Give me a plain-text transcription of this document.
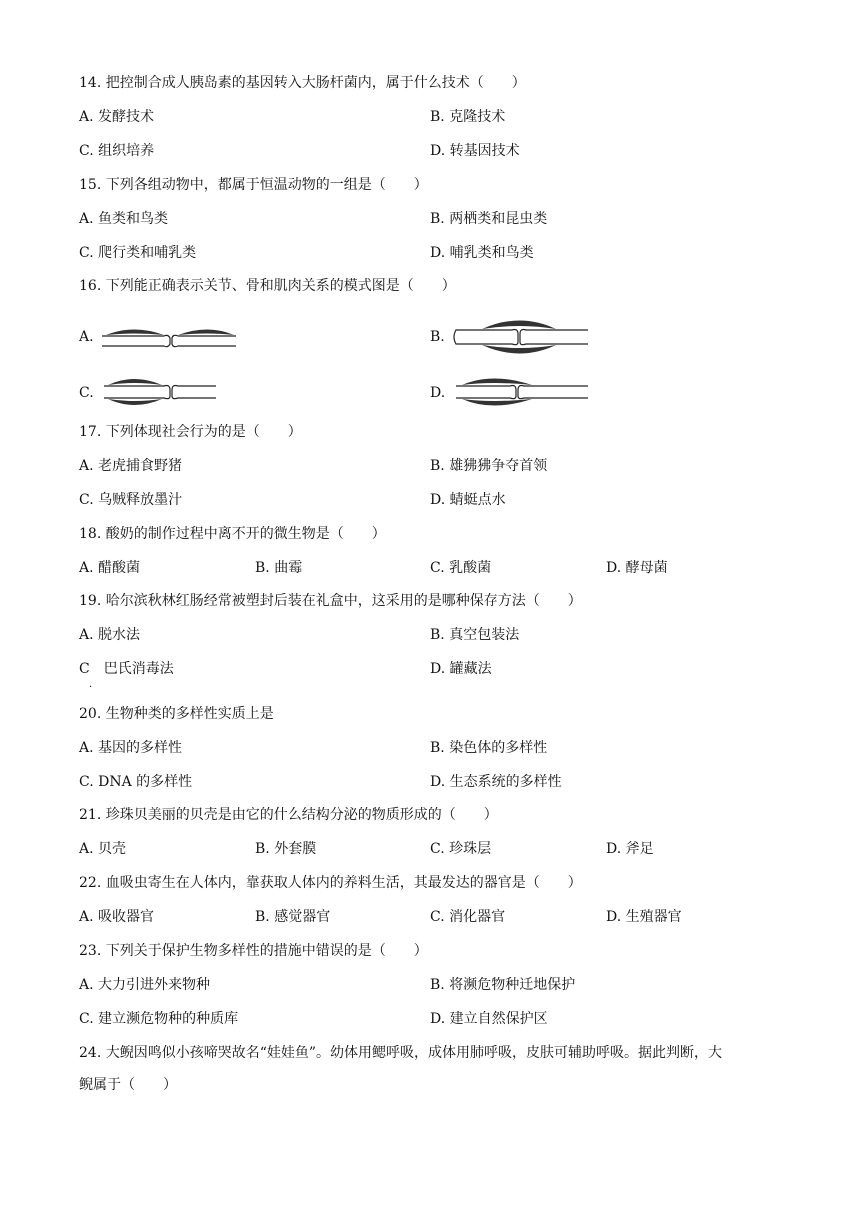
14. 把控制合成人胰岛素的基因转入大肠杆菌内，属于什么技术（　　）
A. 发酵技术	B. 克隆技术
C. 组织培养	D. 转基因技术
15. 下列各组动物中，都属于恒温动物的一组是（　　）
A. 鱼类和鸟类	B. 两栖类和昆虫类
C. 爬行类和哺乳类	D. 哺乳类和鸟类
16. 下列能正确表示关节、骨和肌肉关系的模式图是（　　）
A.	B.
C.	D.
17. 下列体现社会行为的是（　　）
A. 老虎捕食野猪	B. 雄狒狒争夺首领
C. 乌贼释放墨汁	D. 蜻蜓点水
18. 酸奶的制作过程中离不开的微生物是（　　）
A. 醋酸菌	B. 曲霉	C. 乳酸菌	D. 酵母菌
19. 哈尔滨秋林红肠经常被塑封后装在礼盒中，这采用的是哪种保存方法（　　）
A. 脱水法	B. 真空包装法
C　巴氏消毒法	D. 罐藏法
·
20. 生物种类的多样性实质上是
A. 基因的多样性	B. 染色体的多样性
C. DNA 的多样性	D. 生态系统的多样性
21. 珍珠贝美丽的贝壳是由它的什么结构分泌的物质形成的（　　）
A. 贝壳	B. 外套膜	C. 珍珠层	D. 斧足
22. 血吸虫寄生在人体内，靠获取人体内的养料生活，其最发达的器官是（　　）
A. 吸收器官	B. 感觉器官	C. 消化器官	D. 生殖器官
23. 下列关于保护生物多样性的措施中错误的是（　　）
A. 大力引进外来物种	B. 将濒危物种迁地保护
C. 建立濒危物种的种质库	D. 建立自然保护区
24. 大鲵因鸣似小孩啼哭故名“娃娃鱼”。幼体用鳃呼吸，成体用肺呼吸，皮肤可辅助呼吸。据此判断，大
鲵属于（　　）
